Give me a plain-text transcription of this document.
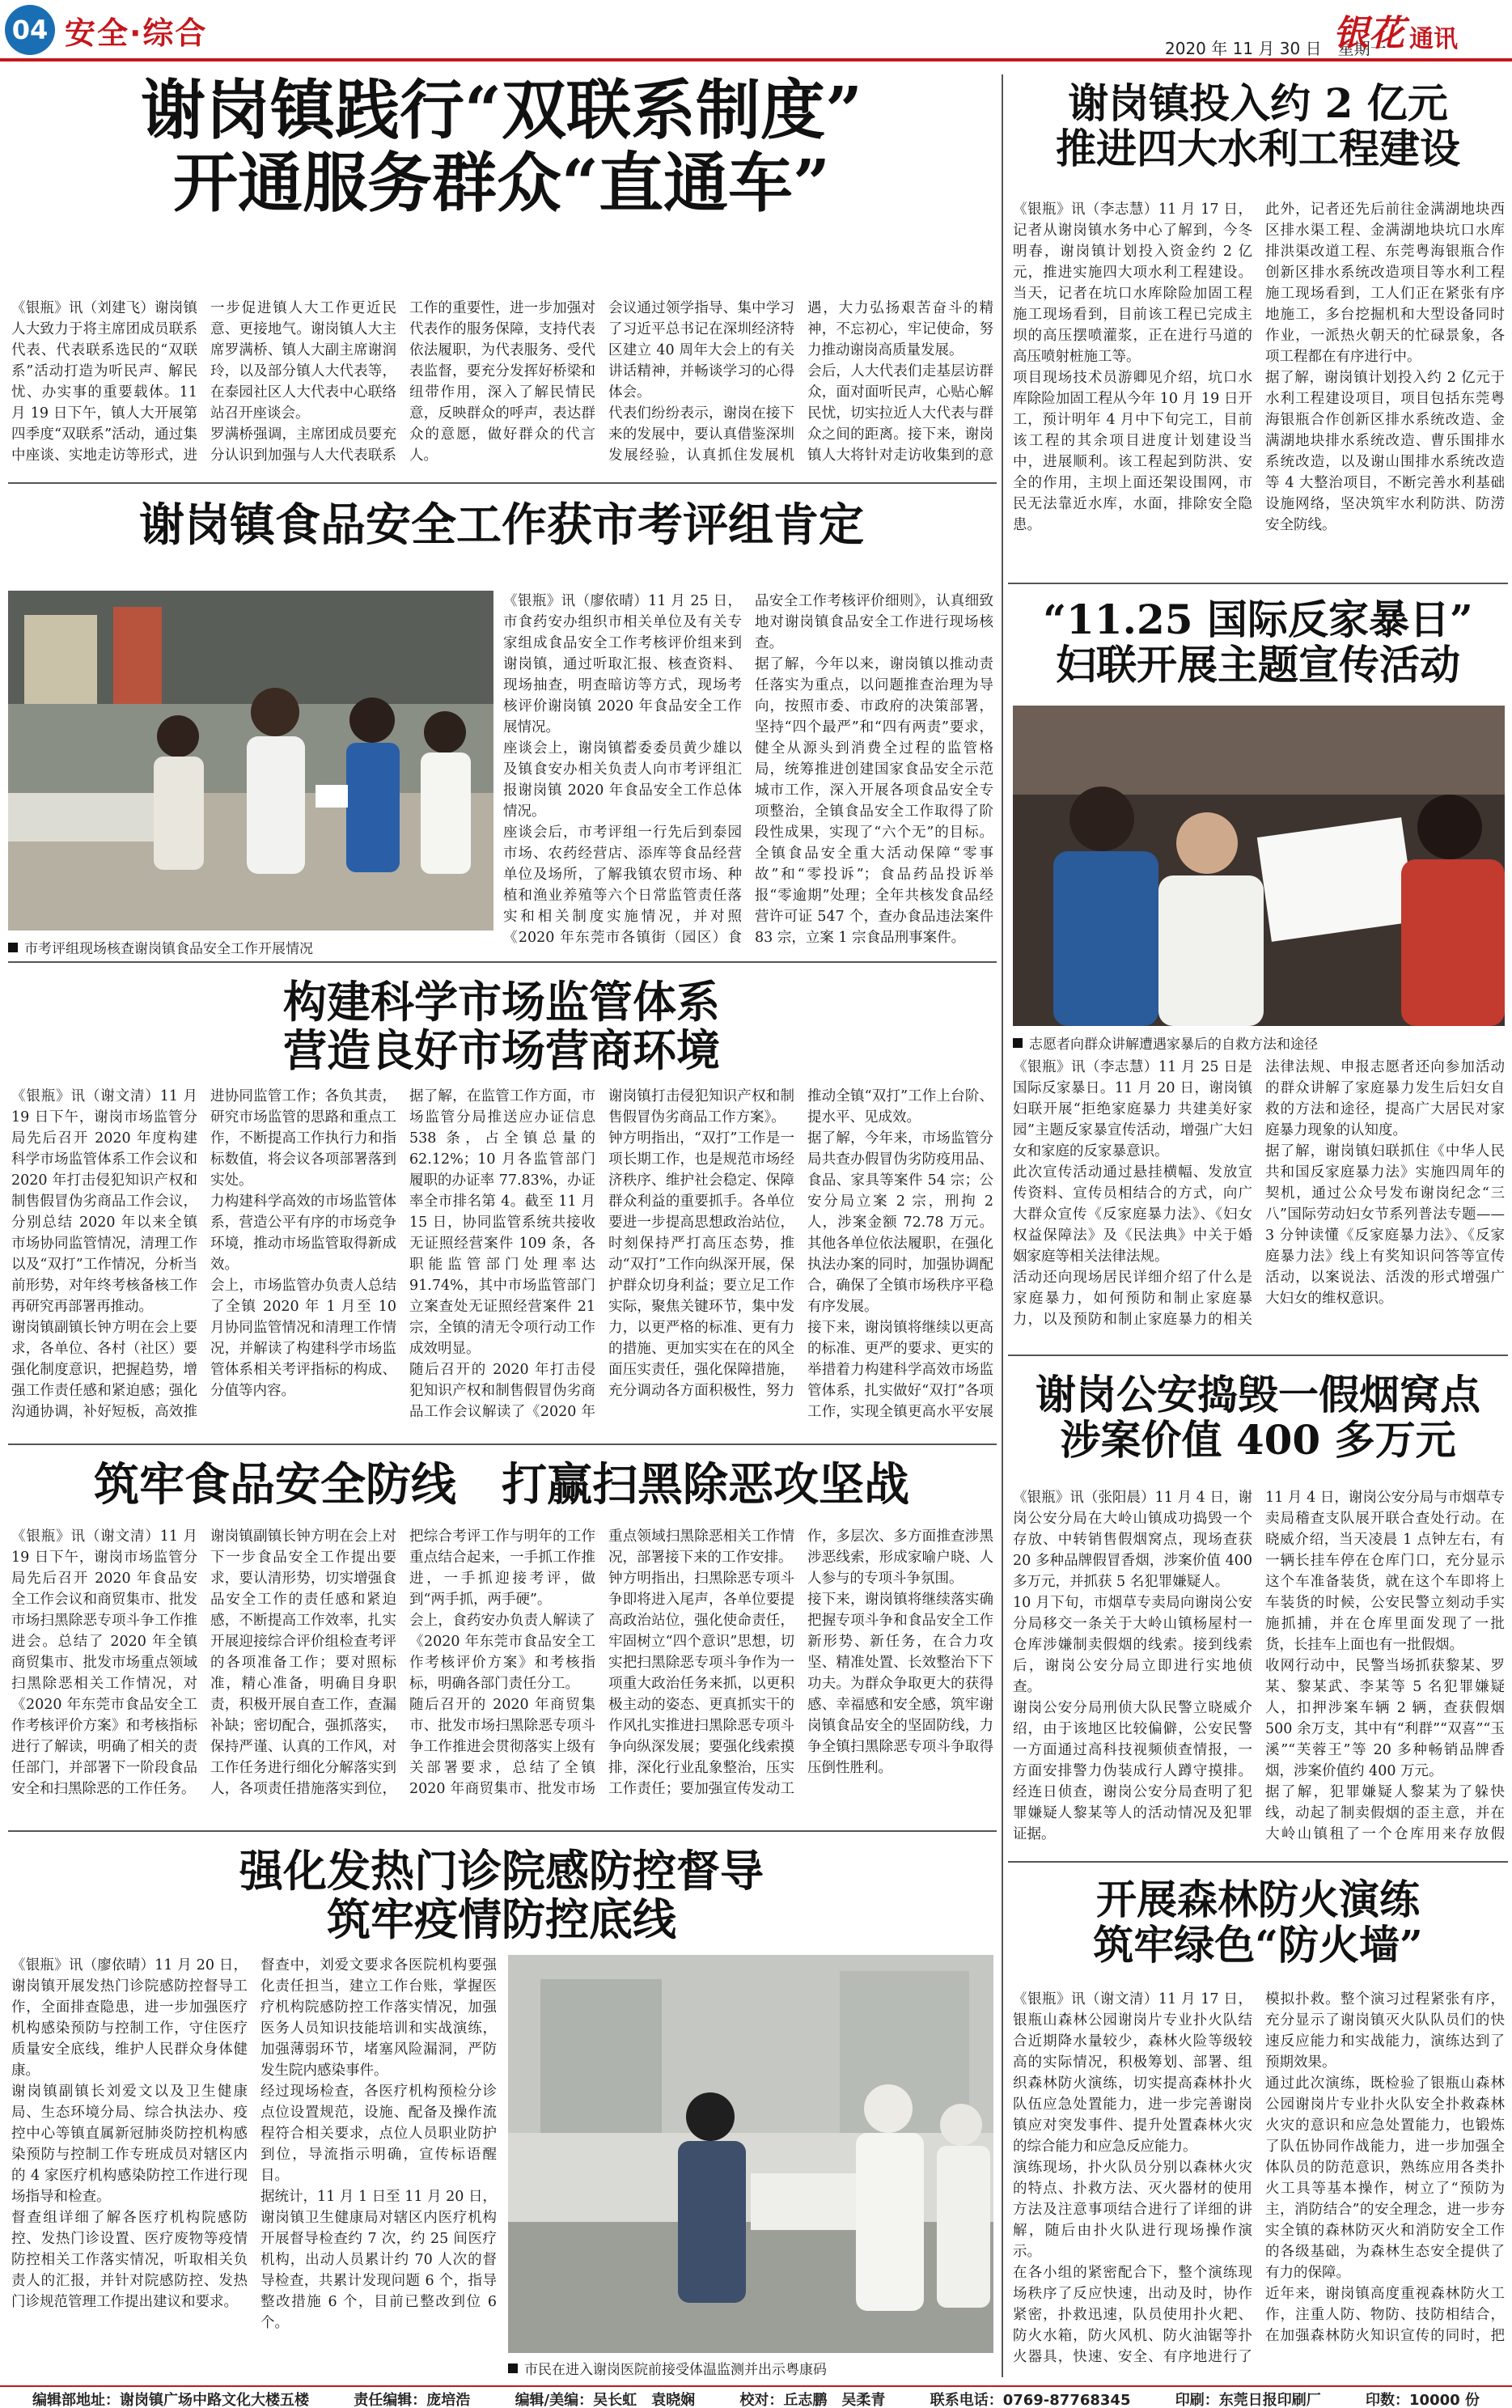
04 安全·综合	2020 年 11 月 30 日　星期一
银花 通讯
谢岗镇践行“双联系制度”
开通服务群众“直通车”

《银瓶》讯（刘建飞）谢岗镇人大致力于将主席团成员联系代表、代表联系选民的“双联系”活动打造为听民声、解民忧、办实事的重要载体。11 月 19 日下午，镇人大开展第四季度“双联系”活动，通过集中座谈、实地走访等形式，进一步促进镇人大工作更近民意、更接地气。谢岗镇人大主席罗满桥、镇人大副主席谢润玲，以及部分镇人大代表等，在泰园社区人大代表中心联络站召开座谈会。

罗满桥强调，主席团成员要充分认识到加强与人大代表联系工作的重要性，进一步加强对代表作的服务保障，支持代表依法履职，为代表服务、受代表监督，要充分发挥好桥梁和纽带作用，深入了解民情民意，反映群众的呼声，表达群众的意愿，做好群众的代言人。

会议通过领学指导、集中学习了习近平总书记在深圳经济特区建立 40 周年大会上的有关讲话精神，并畅谈学习的心得体会。

代表们纷纷表示，谢岗在接下来的发展中，要认真借鉴深圳发展经验，认真抓住发展机遇，大力弘扬艰苦奋斗的精神，不忘初心，牢记使命，努力推动谢岗高质量发展。

会后，人大代表们走基层访群众，面对面听民声，心贴心解民忧，切实拉近人大代表与群众之间的距离。接下来，谢岗镇人大将针对走访收集到的意

谢岗镇食品安全工作获市考评组肯定
市考评组现场核查谢岗镇食品安全工作开展情况

《银瓶》讯（廖依晴）11 月 25 日，市食药安办组织市相关单位及有关专家组成食品安全工作考核评价组来到谢岗镇，通过听取汇报、核查资料、现场抽查，明查暗访等方式，现场考核评价谢岗镇 2020 年食品安全工作展情况。

座谈会上，谢岗镇蓄委委员黄少雄以及镇食安办相关负责人向市考评组汇报谢岗镇 2020 年食品安全工作总体情况。

座谈会后，市考评组一行先后到泰园市场、农药经营店、添库等食品经营单位及场所，了解我镇农贸市场、种植和渔业养殖等六个日常监管责任落实和相关制度实施情况，并对照《2020 年东莞市各镇街（园区）食品安全工作考核评价细则》，认真细致地对谢岗镇食品安全工作进行现场核查。

据了解，今年以来，谢岗镇以推动责任落实为重点，以问题推查治理为导向，按照市委、市政府的决策部署，坚持“四个最严”和“四有两责”要求，健全从源头到消费全过程的监管格局，统筹推进创建国家食品安全示范城市工作，深入开展各项食品安全专项整治，全镇食品安全工作取得了阶段性成果，实现了“六个无”的目标。全镇食品安全重大活动保障“零事故”和“零投诉”；食品药品投诉举报“零逾期”处理；全年共核发食品经营许可证 547 个，查办食品违法案件 83 宗，立案 1 宗食品刑事案件。

构建科学市场监管体系
营造良好市场营商环境

《银瓶》讯（谢文清）11 月 19 日下午，谢岗市场监管分局先后召开 2020 年度构建科学市场监管体系工作会议和 2020 年打击侵犯知识产权和制售假冒伪劣商品工作会议，分别总结 2020 年以来全镇市场协同监管情况，清理工作以及“双打”工作情况，分析当前形势，对年终考核备核工作再研究再部署再推动。

谢岗镇副镇长钟方明在会上要求，各单位、各村（社区）要强化制度意识，把握趋势，增强工作责任感和紧迫感；强化沟通协调，补好短板，高效推进协同监管工作；各负其责，研究市场监管的思路和重点工作，不断提高工作执行力和指标数值，将会议各项部署落到实处。

力构建科学高效的市场监管体系，营造公平有序的市场竞争环境，推动市场监管取得新成效。

会上，市场监管办负责人总结了全镇 2020 年 1 月至 10 月协同监管情况和清理工作情况，并解读了构建科学市场监管体系相关考评指标的构成、分值等内容。

据了解，在监管工作方面，市场监管分局推送应办证信息 538 条，占全镇总量的 62.12%；10 月各监管部门履职的办证率 77.83%，办证率全市排名第 4。截至 11 月 15 日，协同监管系统共接收无证照经营案件 109 条，各职能监管部门处理率达 91.74%，其中市场监管部门立案查处无证照经营案件 21 宗，全镇的清无令项行动工作成效明显。

随后召开的 2020 年打击侵犯知识产权和制售假冒伪劣商品工作会议解读了《2020 年谢岗镇打击侵犯知识产权和制售假冒伪劣商品工作方案》。

钟方明指出，“双打”工作是一项长期工作，也是规范市场经济秩序、维护社会稳定、保障群众利益的重要抓手。各单位要进一步提高思想政治站位，时刻保持严打高压态势，推动“双打”工作向纵深开展，保护群众切身利益；要立足工作实际，聚焦关键环节，集中发力，以更严格的标准、更有力的措施、更加实实在在的风全面压实责任，强化保障措施，充分调动各方面积极性，努力推动全镇“双打”工作上台阶、提水平、见成效。

据了解，今年来，市场监管分局共查办假冒伪劣防疫用品、食品、家具等案件 54 宗；公安分局立案 2 宗，刑拘 2 人，涉案金额 72.78 万元。其他各单位依法履职，在强化执法办案的同时，加强协调配合，确保了全镇市场秩序平稳有序发展。

接下来，谢岗镇将继续以更高的标准、更严的要求、更实的举措着力构建科学高效市场监管体系，扎实做好“双打”各项工作，实现全镇更高水平安展

筑牢食品安全防线　打赢扫黑除恶攻坚战

《银瓶》讯（谢文清）11 月 19 日下午，谢岗市场监管分局先后召开 2020 年食品安全工作会议和商贸集市、批发市场扫黑除恶专项斗争工作推进会。总结了 2020 年全镇商贸集市、批发市场重点领域扫黑除恶相关工作情况，对《2020 年东莞市食品安全工作考核评价方案》和考核指标进行了解读，明确了相关的责任部门，并部署下一阶段食品安全和扫黑除恶的工作任务。

谢岗镇副镇长钟方明在会上对下一步食品安全工作提出要求，要认清形势，切实增强食品安全工作的责任感和紧迫感，不断提高工作效率，扎实开展迎接综合评价组检查考评的各项准备工作；要对照标准，精心准备，明确目身职责，积极开展自查工作，查漏补缺；密切配合，强抓落实，保持严谨、认真的工作风，对工作任务进行细化分解落实到人，各项责任措施落实到位，把综合考评工作与明年的工作重点结合起来，一手抓工作推进，一手抓迎接考评，做到“两手抓，两手硬”。

会上，食药安办负责人解读了《2020 年东莞市食品安全工作考核评价方案》和考核指标，明确各部门责任分工。

随后召开的 2020 年商贸集市、批发市场扫黑除恶专项斗争工作推进会贯彻落实上级有关部署要求，总结了全镇 2020 年商贸集市、批发市场重点领域扫黑除恶相关工作情况，部署接下来的工作安排。

钟方明指出，扫黑除恶专项斗争即将进入尾声，各单位要提高政治站位，强化使命责任，牢固树立“四个意识”思想，切实把扫黑除恶专项斗争作为一项重大政治任务来抓，以更积极主动的姿态、更真抓实干的作风扎实推进扫黑除恶专项斗争向纵深发展；要强化线索摸排，深化行业乱象整治，压实工作责任；要加强宣传发动工作，多层次、多方面推查涉黑涉恶线索，形成家喻户晓、人人参与的专项斗争氛围。

接下来，谢岗镇将继续落实确把握专项斗争和食品安全工作新形势、新任务，在合力攻坚、精准处置、长效整治下下功夫。为群众争取更大的获得感、幸福感和安全感，筑牢谢岗镇食品安全的坚固防线，力争全镇扫黑除恶专项斗争取得压倒性胜利。

强化发热门诊院感防控督导
筑牢疫情防控底线

《银瓶》讯（廖依晴）11 月 20 日，谢岗镇开展发热门诊院感防控督导工作，全面排查隐患，进一步加强医疗机构感染预防与控制工作，守住医疗质量安全底线，维护人民群众身体健康。

谢岗镇副镇长刘爱文以及卫生健康局、生态环境分局、综合执法办、疫控中心等镇直属新冠肺炎防控机构感染预防与控制工作专班成员对辖区内的 4 家医疗机构感染防控工作进行现场指导和检查。

督查组详细了解各医疗机构院感防控、发热门诊设置、医疗废物等疫情防控相关工作落实情况，听取相关负责人的汇报，并针对院感防控、发热门诊规范管理工作提出建议和要求。

督查中，刘爱文要求各医院机构要强化责任担当，建立工作台账，掌握医疗机构院感防控工作落实情况，加强医务人员知识技能培训和实战演练，加强薄弱环节，堵塞风险漏洞，严防发生院内感染事件。

经过现场检查，各医疗机构预检分诊点位设置规范，设施、配备及操作流程符合相关要求，点位人员职业防护到位，导流指示明确，宣传标语醒目。

据统计，11 月 1 日至 11 月 20 日，谢岗镇卫生健康局对辖区内医疗机构开展督导检查约 7 次，约 25 间医疗机构，出动人员累计约 70 人次的督导检查，共累计发现问题 6 个，指导整改措施 6 个，目前已整改到位 6 个。

市民在进入谢岗医院前接受体温监测并出示粤康码
谢岗镇投入约 2 亿元
推进四大水利工程建设

《银瓶》讯（李志慧）11 月 17 日，记者从谢岗镇水务中心了解到，今冬明春，谢岗镇计划投入资金约 2 亿元，推进实施四大项水利工程建设。当天，记者在坑口水库除险加固工程施工现场看到，目前该工程已完成主坝的高压摆喷灌浆，正在进行马道的高压喷射桩施工等。

项目现场技术员游卿见介绍，坑口水库除险加固工程从今年 10 月 19 日开工，预计明年 4 月中下旬完工，目前该工程的其余项目进度计划建设当中，进展顺利。该工程起到防洪、安全的作用，主坝上面还架设围网，市民无法靠近水库，水面，排除安全隐患。

此外，记者还先后前往金满湖地块西区排水渠工程、金满湖地块坑口水库排洪渠改道工程、东莞粤海银瓶合作创新区排水系统改造项目等水利工程施工现场看到，工人们正在紧张有序地施工，多台挖掘机和大型设备同时作业，一派热火朝天的忙碌景象，各项工程都在有序进行中。

据了解，谢岗镇计划投入约 2 亿元于水利工程建设项目，项目包括东莞粤海银瓶合作创新区排水系统改造、金满湖地块排水系统改造、曹乐围排水系统改造，以及谢山围排水系统改造等 4 大整治项目，不断完善水利基础设施网络，坚决筑牢水利防洪、防涝安全防线。

“11.25 国际反家暴日”
妇联开展主题宣传活动
志愿者向群众讲解遭遇家暴后的自救方法和途径

《银瓶》讯（李志慧）11 月 25 日是国际反家暴日。11 月 20 日，谢岗镇妇联开展“拒绝家庭暴力 共建美好家园”主题反家暴宣传活动，增强广大妇女和家庭的反家暴意识。

此次宣传活动通过悬挂横幅、发放宣传资料、宣传员相结合的方式，向广大群众宣传《反家庭暴力法》、《妇女权益保障法》及《民法典》中关于婚姻家庭等相关法律法规。

活动还向现场居民详细介绍了什么是家庭暴力，如何预防和制止家庭暴力，以及预防和制止家庭暴力的相关法律法规、申报志愿者还向参加活动的群众讲解了家庭暴力发生后妇女自救的方法和途径，提高广大居民对家庭暴力现象的认知度。

据了解，谢岗镇妇联抓住《中华人民共和国反家庭暴力法》实施四周年的契机，通过公众号发布谢岗纪念“三八”国际劳动妇女节系列普法专题——3 分钟读懂《反家庭暴力法》、《反家庭暴力法》线上有奖知识问答等宣传活动，以案说法、活泼的形式增强广大妇女的维权意识。

谢岗公安捣毁一假烟窝点
涉案价值 400 多万元

《银瓶》讯（张阳晨）11 月 4 日，谢岗公安分局在大岭山镇成功捣毁一个存放、中转销售假烟窝点，现场查获 20 多种品牌假冒香烟，涉案价值 400 多万元，并抓获 5 名犯罪嫌疑人。

10 月下旬，市烟草专卖局向谢岗公安分局移交一条关于大岭山镇杨屋村一仓库涉嫌制卖假烟的线索。接到线索后，谢岗公安分局立即进行实地侦查。

谢岗公安分局刑侦大队民警立晓威介绍，由于该地区比较偏僻，公安民警一方面通过高科技视频侦查情报，一方面安排警力伪装成行人蹲守摸排。经连日侦查，谢岗公安分局查明了犯罪嫌疑人黎某等人的活动情况及犯罪证据。

11 月 4 日，谢岗公安分局与市烟草专卖局稽查支队展开联合查处行动。在晓威介绍，当天凌晨 1 点钟左右，有一辆长挂车停在仓库门口，充分显示这个车准备装货，就在这个车即将上车装货的时候，公安民警立刻动手实施抓捕，并在仓库里面发现了一批货，长挂车上面也有一批假烟。

收网行动中，民警当场抓获黎某、罗某、黎某武、李某等 5 名犯罪嫌疑人，扣押涉案车辆 2 辆，查获假烟 500 余万支，其中有“利群”“双喜”“玉溪”“芙蓉王”等 20 多种畅销品牌香烟，涉案价值约 400 万元。

据了解，犯罪嫌疑人黎某为了躲快线，动起了制卖假烟的歪主意，并在大岭山镇租了一个仓库用来存放假

开展森林防火演练
筑牢绿色“防火墙”

《银瓶》讯（谢文清）11 月 17 日，银瓶山森林公园谢岗片专业扑火队结合近期降水量较少，森林火险等级较高的实际情况，积极筹划、部署、组织森林防火演练，切实提高森林扑火队伍应急处置能力，进一步完善谢岗镇应对突发事件、提升处置森林火灾的综合能力和应急反应能力。

演练现场，扑火队员分别以森林火灾的特点、扑救方法、灭火器材的使用方法及注意事项结合进行了详细的讲解，随后由扑火队进行现场操作演示。

在各小组的紧密配合下，整个演练现场秩序了反应快速，出动及时，协作紧密，扑救迅速，队员使用扑火耙、防火水箱，防火风机、防火油锯等扑火器具，快速、安全、有序地进行了模拟扑救。整个演习过程紧张有序，充分显示了谢岗镇灭火队队员们的快速反应能力和实战能力，演练达到了预期效果。

通过此次演练，既检验了银瓶山森林公园谢岗片专业扑火队安全扑救森林火灾的意识和应急处置能力，也锻炼了队伍协同作战能力，进一步加强全体队员的防范意识，熟练应用各类扑火工具等基本操作，树立了“预防为主，消防结合”的安全理念，进一步夯实全镇的森林防灭火和消防安全工作的各级基础，为森林生态安全提供了有力的保障。

近年来，谢岗镇高度重视森林防火工作，注重人防、物防、技防相结合，在加强森林防火知识宣传的同时，把

编辑部地址：谢岗镇广场中路文化大楼五楼	责任编辑：庞培浩	编辑/美编：吴长虹　袁晓娴	校对：丘志鹏　吴柔青	联系电话：0769-87768345	印刷：东莞日报印刷厂	印数：10000 份
